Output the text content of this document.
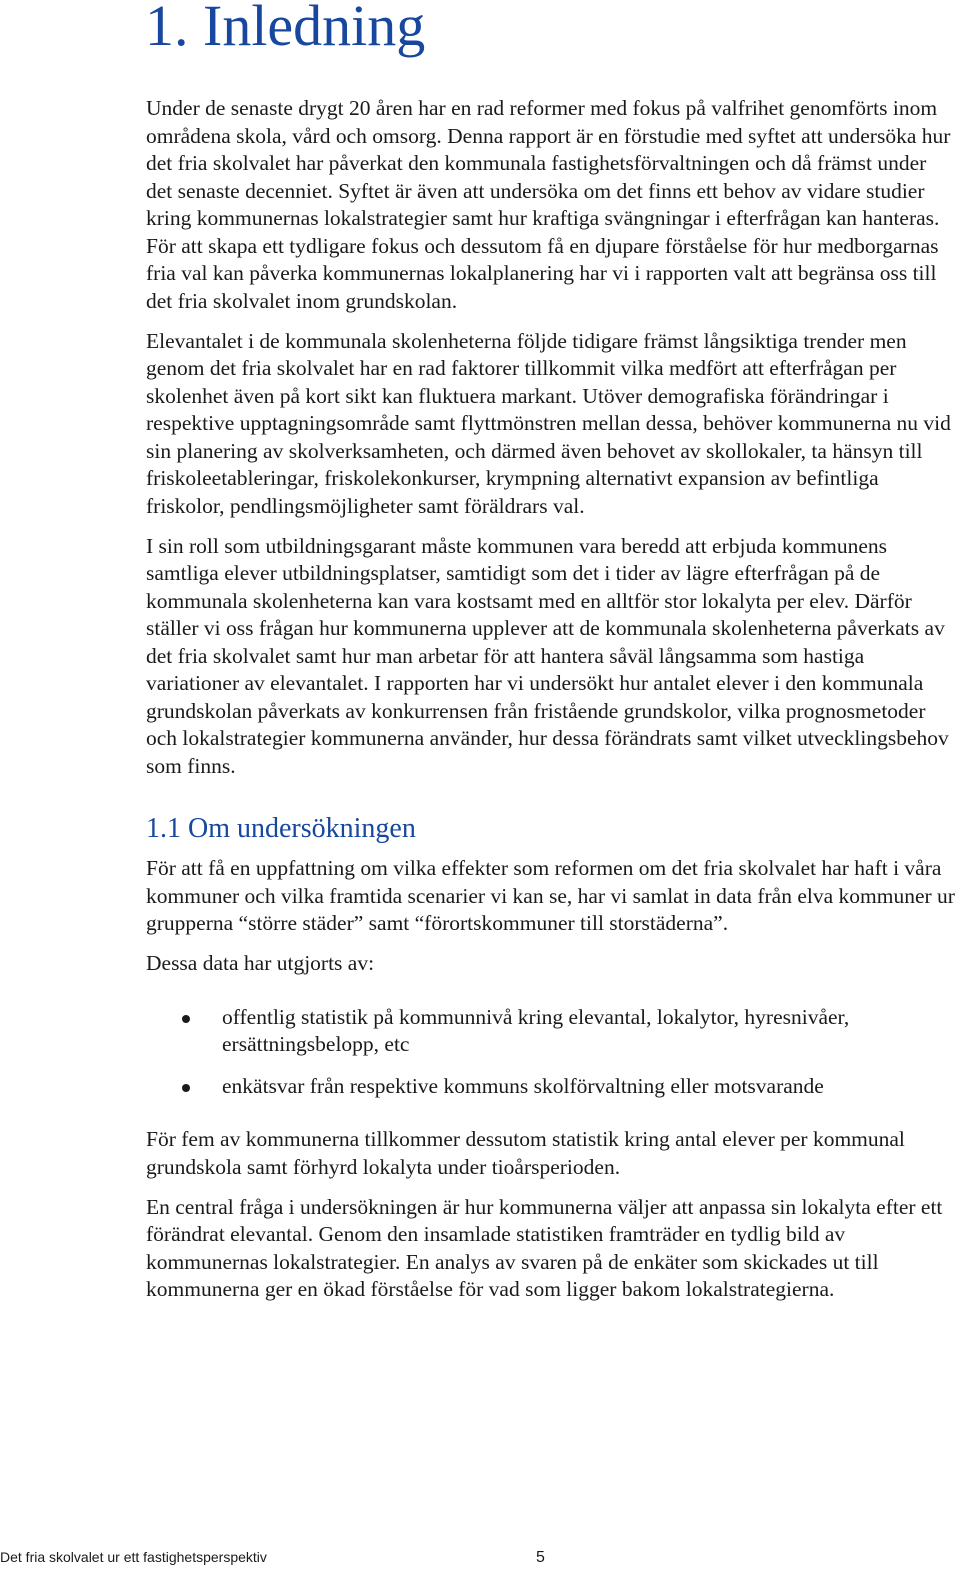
1. Inledning

Under de senaste drygt 20 åren har en rad reformer med fokus på valfrihet genomförts inom områdena skola, vård och omsorg. Denna rapport är en förstudie med syftet att undersöka hur det fria skolvalet har påverkat den kommunala fastighetsförvaltningen och då främst under det senaste decenniet. Syftet är även att undersöka om det finns ett behov av vidare studier kring kommunernas lokalstrategier samt hur kraftiga svängningar i efterfrågan kan hanteras. För att skapa ett tydligare fokus och dessutom få en djupare förståelse för hur medborgarnas fria val kan påverka kommunernas lokalplanering har vi i rapporten valt att begränsa oss till det fria skolvalet inom grundskolan.

Elevantalet i de kommunala skolenheterna följde tidigare främst långsiktiga trender men genom det fria skolvalet har en rad faktorer tillkommit vilka medfört att efterfrågan per skolenhet även på kort sikt kan fluktuera markant. Utöver demografiska förändringar i respektive upptagningsområde samt flyttmönstren mellan dessa, behöver kommunerna nu vid sin planering av skolverksamheten, och därmed även behovet av skollokaler, ta hänsyn till friskoleetableringar, friskolekonkurser, krympning alternativt expansion av befintliga friskolor, pendlingsmöjligheter samt föräldrars val.

I sin roll som utbildningsgarant måste kommunen vara beredd att erbjuda kommunens samtliga elever utbildningsplatser, samtidigt som det i tider av lägre efterfrågan på de kommunala skolenheterna kan vara kostsamt med en alltför stor lokalyta per elev. Därför ställer vi oss frågan hur kommunerna upplever att de kommunala skolenheterna påverkats av det fria skolvalet samt hur man arbetar för att hantera såväl långsamma som hastiga variationer av elevantalet. I rapporten har vi undersökt hur antalet elever i den kommunala grundskolan påverkats av konkurrensen från fristående grundskolor, vilka prognosmetoder och lokalstrategier kommunerna använder, hur dessa förändrats samt vilket utvecklingsbehov som finns.

1.1 Om undersökningen

För att få en uppfattning om vilka effekter som reformen om det fria skolvalet har haft i våra kommuner och vilka framtida scenarier vi kan se, har vi samlat in data från elva kommuner ur grupperna “större städer” samt “förortskommuner till storstäderna”.

Dessa data har utgjorts av:

offentlig statistik på kommunnivå kring elevantal, lokalytor, hyresnivåer, ersättningsbelopp, etc
enkätsvar från respektive kommuns skolförvaltning eller motsvarande

För fem av kommunerna tillkommer dessutom statistik kring antal elever per kommunal grundskola samt förhyrd lokalyta under tioårsperioden.

En central fråga i undersökningen är hur kommunerna väljer att anpassa sin lokalyta efter ett förändrat elevantal. Genom den insamlade statistiken framträder en tydlig bild av kommunernas lokalstrategier. En analys av svaren på de enkäter som skickades ut till kommunerna ger en ökad förståelse för vad som ligger bakom lokalstrategierna.

Det fria skolvalet ur ett fastighetsperspektiv	5
